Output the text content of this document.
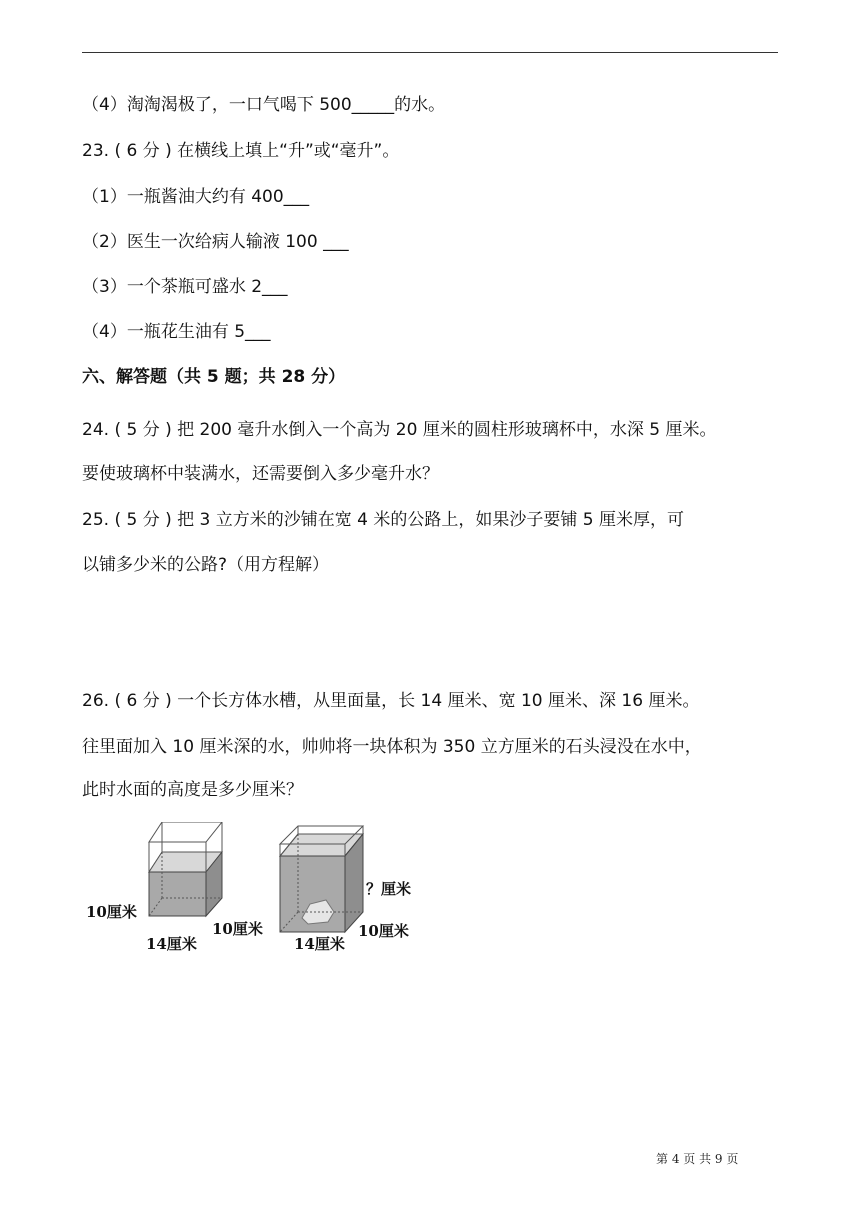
（4）淘淘渴极了，一口气喝下 500_____的水。
23. ( 6 分 ) 在横线上填上“升”或“毫升”。
（1）一瓶酱油大约有 400___
（2）医生一次给病人输液 100 ___
（3）一个茶瓶可盛水 2___
（4）一瓶花生油有 5___
六、解答题（共 5 题；共 28 分）
24. ( 5 分 ) 把 200 毫升水倒入一个高为 20 厘米的圆柱形玻璃杯中，水深 5 厘米。
要使玻璃杯中装满水，还需要倒入多少毫升水？
25. ( 5 分 ) 把 3 立方米的沙铺在宽 4 米的公路上，如果沙子要铺 5 厘米厚，可
以铺多少米的公路?（用方程解）
26. ( 6 分 ) 一个长方体水槽，从里面量，长 14 厘米、宽 10 厘米、深 16 厘米。
往里面加入 10 厘米深的水，帅帅将一块体积为 350 立方厘米的石头浸没在水中，
此时水面的高度是多少厘米？
10厘米
14厘米
10厘米
？厘米
14厘米
10厘米
第 4 页 共 9 页
